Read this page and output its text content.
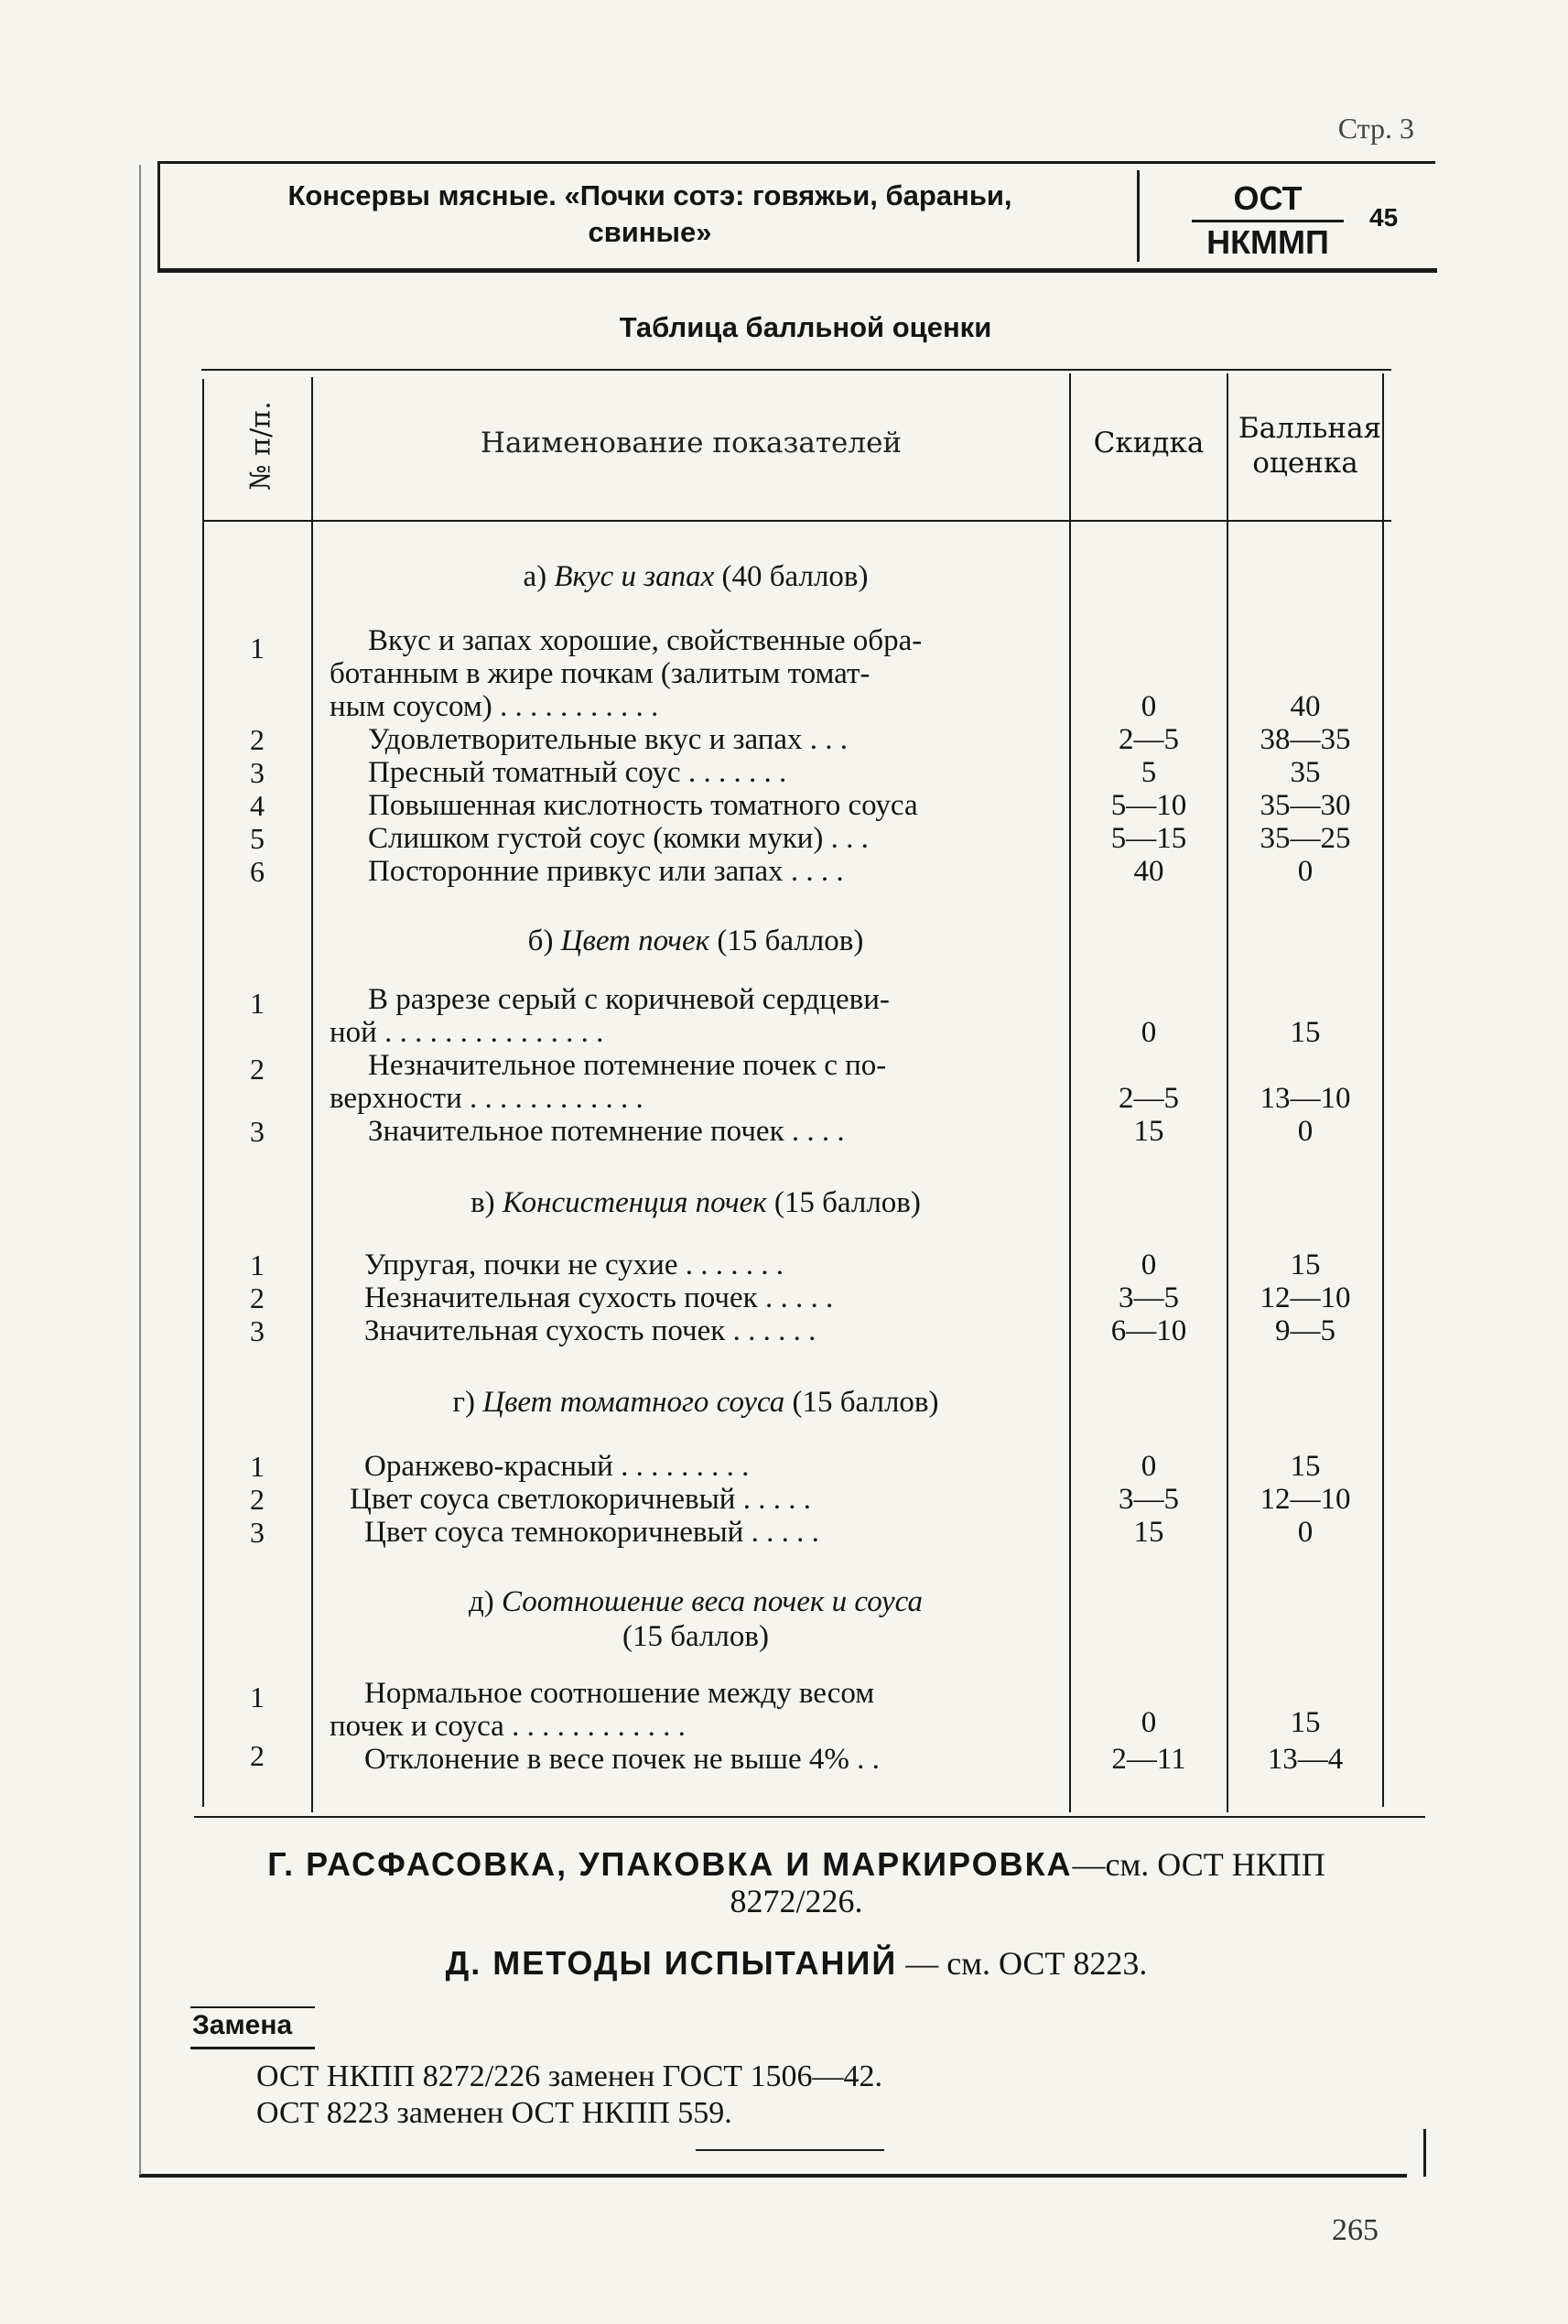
Стр. 3
Консервы мясные. «Почки сотэ: говяжьи, бараньи,
свиные»
ОСТ
НКММП
45
Таблица балльной оценки
№ п/п.	Наименование показателей	Скидка	Балльная
оценка
а) Вкус и запах (40 баллов)
1	Вкус и запах хорошие, свойственные обра-
ботанным в жире почкам (залитым томат-
ным соусом) . . . . . . . . . . .	0	40
2	Удовлетворительные вкус и запах . . .	2—5	38—35
3	Пресный томатный соус . . . . . . .	5	35
4	Повышенная кислотность томатного соуса	5—10	35—30
5	Слишком густой соус (комки муки) . . .	5—15	35—25
6	Посторонние привкус или запах . . . .	40	0
б) Цвет почек (15 баллов)
1	В разрезе серый с коричневой сердцеви-
ной . . . . . . . . . . . . . . .	0	15
2	Незначительное потемнение почек с по-
верхности . . . . . . . . . . . .	2—5	13—10
3	Значительное потемнение почек . . . .	15	0
в) Консистенция почек (15 баллов)
1	Упругая, почки не сухие . . . . . . .	0	15
2	Незначительная сухость почек . . . . .	3—5	12—10
3	Значительная сухость почек . . . . . .	6—10	9—5
г) Цвет томатного соуса (15 баллов)
1	Оранжево-красный . . . . . . . . .	0	15
2	Цвет соуса светлокоричневый . . . . .	3—5	12—10
3	Цвет соуса темнокоричневый . . . . .	15	0
д) Соотношение веса почек и соуса
(15 баллов)
1	Нормальное соотношение между весом
почек и соуса . . . . . . . . . . . .	0	15
2	Отклонение в весе почек не выше 4% . .	2—11	13—4
Г. РАСФАСОВКА, УПАКОВКА И МАРКИРОВКА—см. ОСТ НКПП
8272/226.
Д. МЕТОДЫ ИСПЫТАНИЙ — см. ОСТ 8223.
Замена
ОСТ НКПП 8272/226 заменен ГОСТ 1506—42.
ОСТ 8223 заменен ОСТ НКПП 559.
265
